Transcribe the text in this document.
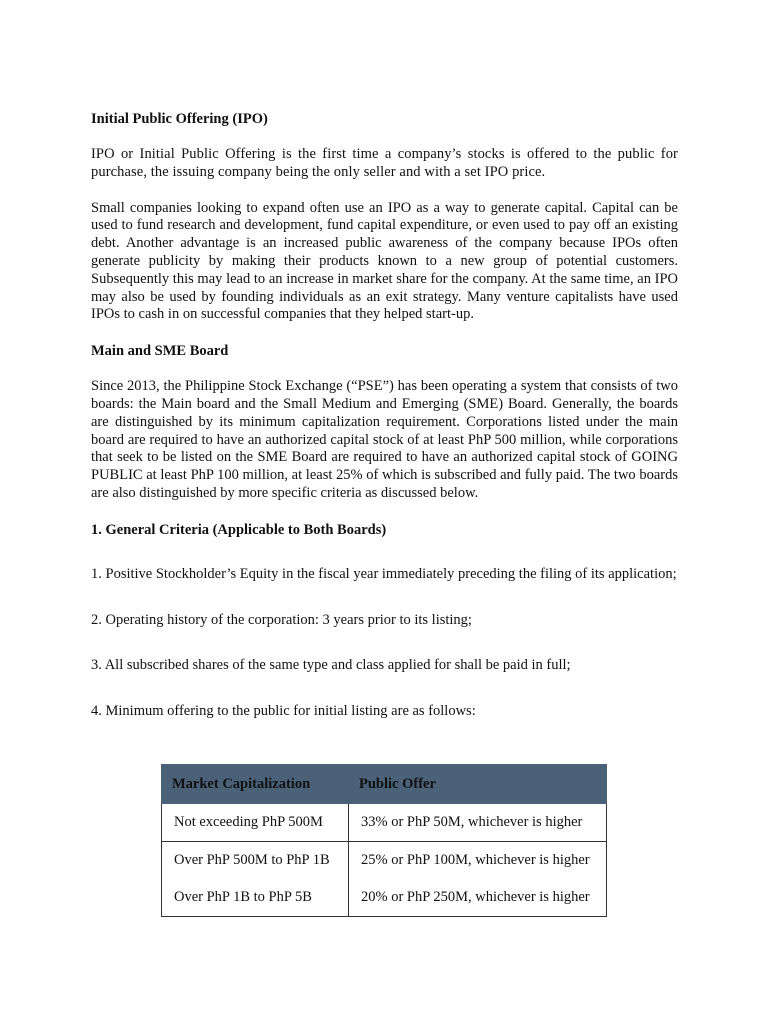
Initial Public Offering (IPO)

IPO or Initial Public Offering is the first time a company’s stocks is offered to the public for purchase, the issuing company being the only seller and with a set IPO price.

Small companies looking to expand often use an IPO as a way to generate capital. Capital can be used to fund research and development, fund capital expenditure, or even used to pay off an existing debt. Another advantage is an increased public awareness of the company because IPOs often generate publicity by making their products known to a new group of potential customers. Subsequently this may lead to an increase in market share for the company. At the same time, an IPO may also be used by founding individuals as an exit strategy. Many venture capitalists have used IPOs to cash in on successful companies that they helped start-up.

Main and SME Board

Since 2013, the Philippine Stock Exchange (“PSE”) has been operating a system that consists of two boards: the Main board and the Small Medium and Emerging (SME) Board. Generally, the boards are distinguished by its minimum capitalization requirement. Corporations listed under the main board are required to have an authorized capital stock of at least PhP 500 million, while corporations that seek to be listed on the SME Board are required to have an authorized capital stock of GOING PUBLIC at least PhP 100 million, at least 25% of which is subscribed and fully paid. The two boards are also distinguished by more specific criteria as discussed below.

1. General Criteria (Applicable to Both Boards)

1. Positive Stockholder’s Equity in the fiscal year immediately preceding the filing of its application;

2. Operating history of the corporation: 3 years prior to its listing;

3. All subscribed shares of the same type and class applied for shall be paid in full;

4. Minimum offering to the public for initial listing are as follows:

Market Capitalization	Public Offer
Not exceeding PhP 500M	33% or PhP 50M, whichever is higher
Over PhP 500M to PhP 1B	25% or PhP 100M, whichever is higher
Over PhP 1B to PhP 5B	20% or PhP 250M, whichever is higher
